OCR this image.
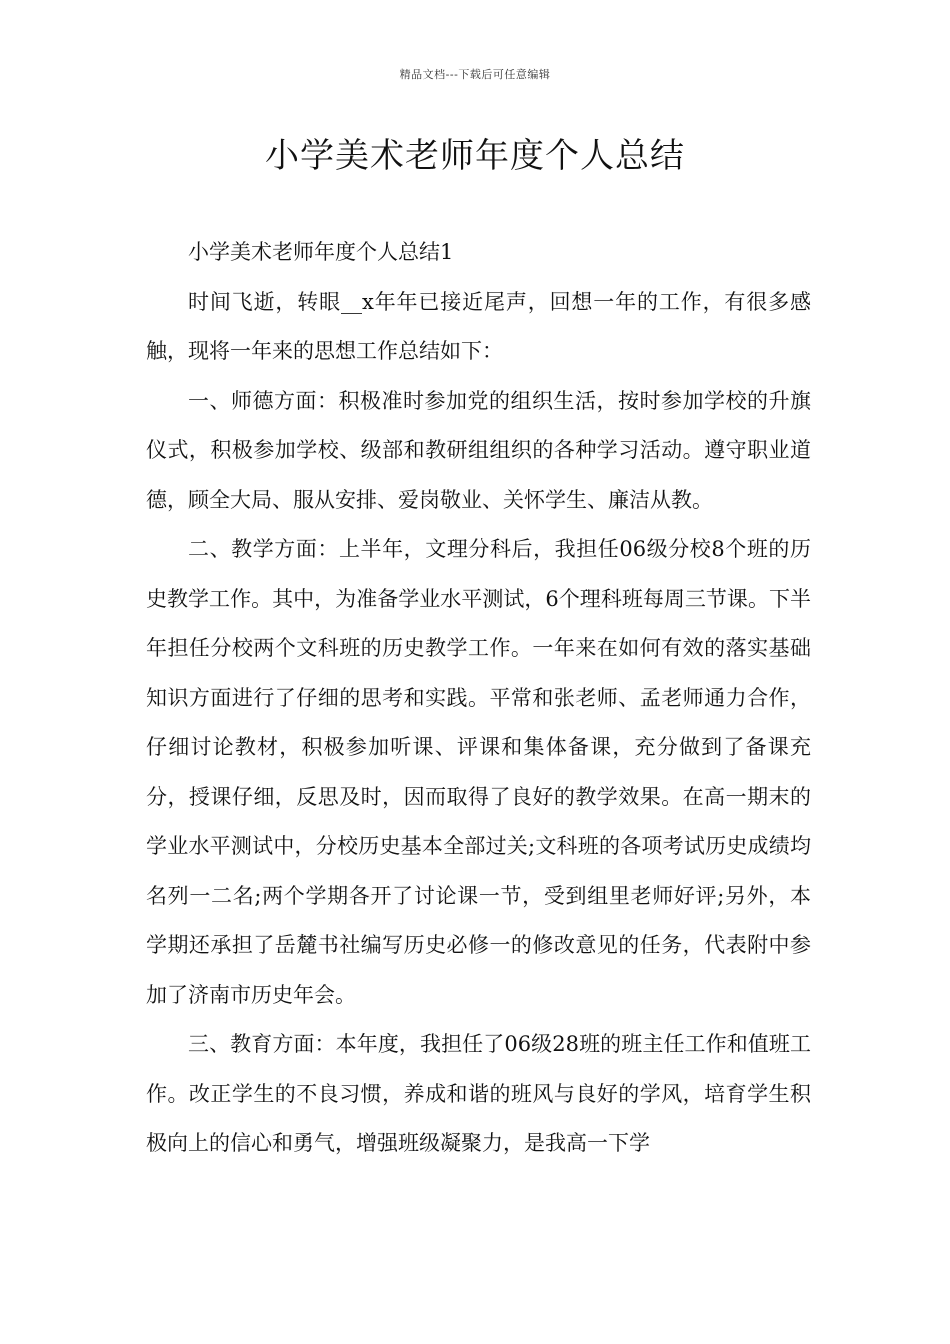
精品文档---下载后可任意编辑
小学美术老师年度个人总结

小学美术老师年度个人总结1

时间飞逝，转眼__x年年已接近尾声，回想一年的工作，有很多感触，现将一年来的思想工作总结如下：

一、师德方面：积极准时参加党的组织生活，按时参加学校的升旗仪式，积极参加学校、级部和教研组组织的各种学习活动。遵守职业道德，顾全大局、服从安排、爱岗敬业、关怀学生、廉洁从教。

二、教学方面：上半年，文理分科后，我担任06级分校8个班的历史教学工作。其中，为准备学业水平测试，6个理科班每周三节课。下半年担任分校两个文科班的历史教学工作。一年来在如何有效的落实基础知识方面进行了仔细的思考和实践。平常和张老师、孟老师通力合作，仔细讨论教材，积极参加听课、评课和集体备课，充分做到了备课充分，授课仔细，反思及时，因而取得了良好的教学效果。在高一期末的学业水平测试中，分校历史基本全部过关;文科班的各项考试历史成绩均名列一二名;两个学期各开了讨论课一节，受到组里老师好评;另外，本学期还承担了岳麓书社编写历史必修一的修改意见的任务，代表附中参加了济南市历史年会。

三、教育方面：本年度，我担任了06级28班的班主任工作和值班工作。改正学生的不良习惯，养成和谐的班风与良好的学风，培育学生积极向上的信心和勇气，增强班级凝聚力，是我高一下学
